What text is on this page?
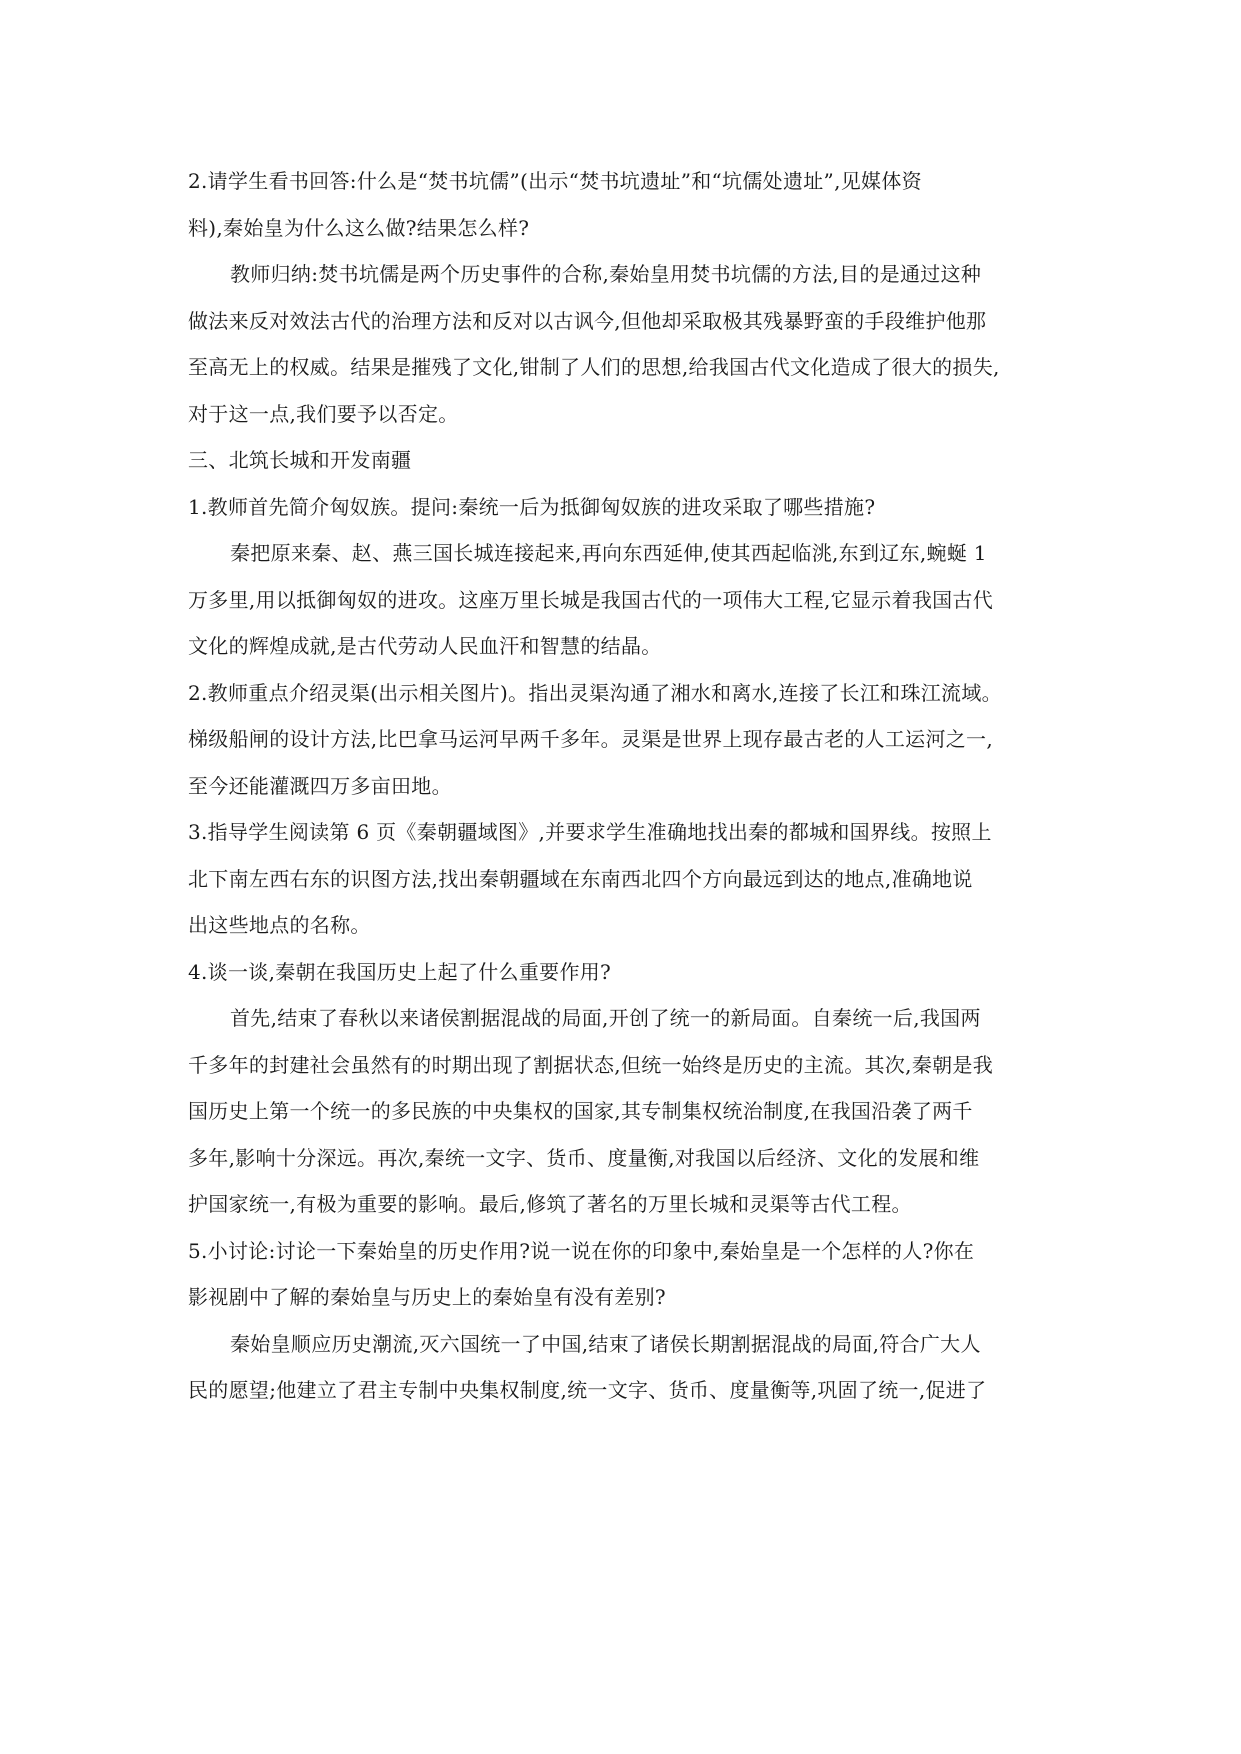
2.请学生看书回答:什么是“焚书坑儒”(出示“焚书坑遗址”和“坑儒处遗址”,见媒体资
料),秦始皇为什么这么做?结果怎么样?
教师归纳:焚书坑儒是两个历史事件的合称,秦始皇用焚书坑儒的方法,目的是通过这种
做法来反对效法古代的治理方法和反对以古讽今,但他却采取极其残暴野蛮的手段维护他那
至高无上的权威。结果是摧残了文化,钳制了人们的思想,给我国古代文化造成了很大的损失,
对于这一点,我们要予以否定。
三、北筑长城和开发南疆
1.教师首先简介匈奴族。提问:秦统一后为抵御匈奴族的进攻采取了哪些措施?
秦把原来秦、赵、燕三国长城连接起来,再向东西延伸,使其西起临洮,东到辽东,蜿蜒 1
万多里,用以抵御匈奴的进攻。这座万里长城是我国古代的一项伟大工程,它显示着我国古代
文化的辉煌成就,是古代劳动人民血汗和智慧的结晶。
2.教师重点介绍灵渠(出示相关图片)。指出灵渠沟通了湘水和离水,连接了长江和珠江流域。
梯级船闸的设计方法,比巴拿马运河早两千多年。灵渠是世界上现存最古老的人工运河之一,
至今还能灌溉四万多亩田地。
3.指导学生阅读第 6 页《秦朝疆域图》,并要求学生准确地找出秦的都城和国界线。按照上
北下南左西右东的识图方法,找出秦朝疆域在东南西北四个方向最远到达的地点,准确地说
出这些地点的名称。
4.谈一谈,秦朝在我国历史上起了什么重要作用?
首先,结束了春秋以来诸侯割据混战的局面,开创了统一的新局面。自秦统一后,我国两
千多年的封建社会虽然有的时期出现了割据状态,但统一始终是历史的主流。其次,秦朝是我
国历史上第一个统一的多民族的中央集权的国家,其专制集权统治制度,在我国沿袭了两千
多年,影响十分深远。再次,秦统一文字、货币、度量衡,对我国以后经济、文化的发展和维
护国家统一,有极为重要的影响。最后,修筑了著名的万里长城和灵渠等古代工程。
5.小讨论:讨论一下秦始皇的历史作用?说一说在你的印象中,秦始皇是一个怎样的人?你在
影视剧中了解的秦始皇与历史上的秦始皇有没有差别?
秦始皇顺应历史潮流,灭六国统一了中国,结束了诸侯长期割据混战的局面,符合广大人
民的愿望;他建立了君主专制中央集权制度,统一文字、货币、度量衡等,巩固了统一,促进了
